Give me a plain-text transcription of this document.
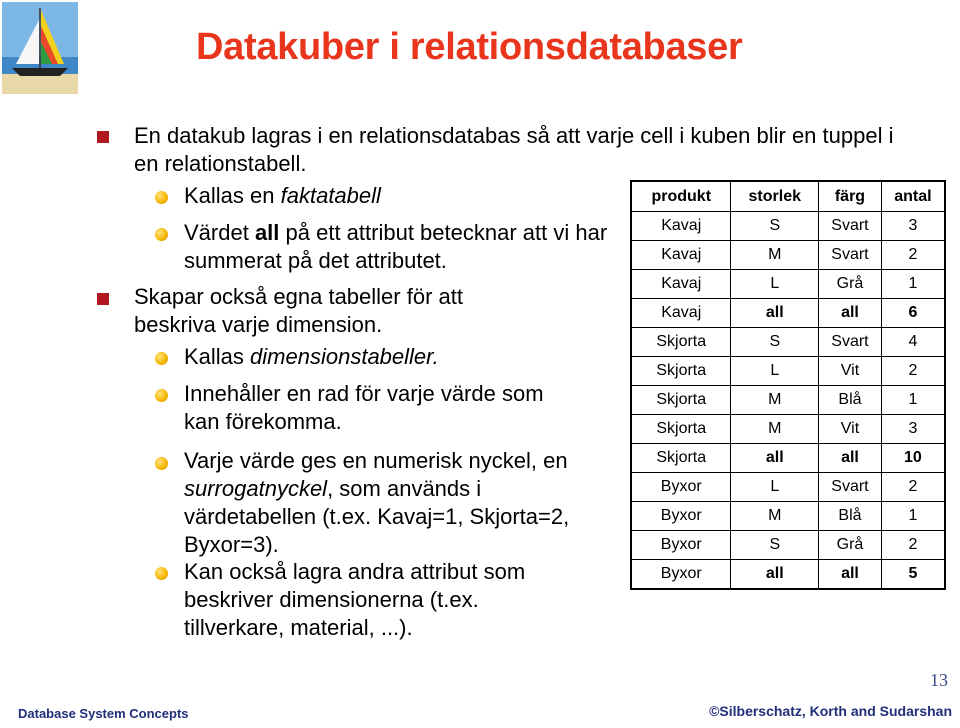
Datakuber i relationsdatabaser
En datakub lagras i en relationsdatabas så att varje cell i kuben blir en tuppel i en relationstabell.
Kallas en faktatabell
Värdet all på ett attribut betecknar att vi har summerat på det attributet.
Skapar också egna tabeller för att beskriva varje dimension.
Kallas dimensionstabeller.
Innehåller en rad för varje värde som kan förekomma.
Varje värde ges en numerisk nyckel, en surrogatnyckel, som används i värdetabellen (t.ex. Kavaj=1, Skjorta=2, Byxor=3).
Kan också lagra andra attribut som beskriver dimensionerna (t.ex. tillverkare, material, ...).
produkt	storlek	färg	antal
Kavaj	S	Svart	3
Kavaj	M	Svart	2
Kavaj	L	Grå	1
Kavaj	all	all	6
Skjorta	S	Svart	4
Skjorta	L	Vit	2
Skjorta	M	Blå	1
Skjorta	M	Vit	3
Skjorta	all	all	10
Byxor	L	Svart	2
Byxor	M	Blå	1
Byxor	S	Grå	2
Byxor	all	all	5
13
Database System Concepts	©Silberschatz, Korth and Sudarshan
